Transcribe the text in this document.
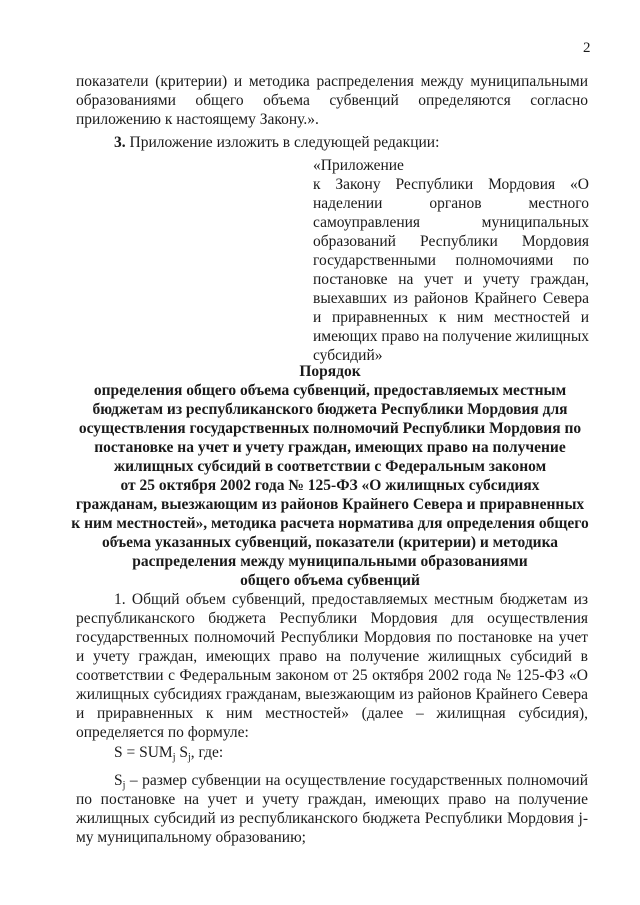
2
показатели (критерии) и методика распределения между муниципальными образованиями общего объема субвенций определяются согласно приложению к настоящему Закону.».
3. Приложение изложить в следующей редакции:
«Приложение
к Закону Республики Мордовия «О наделении органов местного самоуправления муниципальных образований Республики Мордовия государственными полномочиями по постановке на учет и учету граждан, выехавших из районов Крайнего Севера и приравненных к ним местностей и имеющих право на получение жилищных субсидий»
Порядок
определения общего объема субвенций, предоставляемых местным
бюджетам из республиканского бюджета Республики Мордовия для
осуществления государственных полномочий Республики Мордовия по
постановке на учет и учету граждан, имеющих право на получение
жилищных субсидий в соответствии с Федеральным законом
от 25 октября 2002 года № 125-ФЗ «О жилищных субсидиях
гражданам, выезжающим из районов Крайнего Севера и приравненных
к ним местностей», методика расчета норматива для определения общего
объема указанных субвенций, показатели (критерии) и методика
распределения между муниципальными образованиями
общего объема субвенций
1. Общий объем субвенций, предоставляемых местным бюджетам из республиканского бюджета Республики Мордовия для осуществления государственных полномочий Республики Мордовия по постановке на учет и учету граждан, имеющих право на получение жилищных субсидий в соответствии с Федеральным законом от 25 октября 2002 года № 125-ФЗ «О жилищных субсидиях гражданам, выезжающим из районов Крайнего Севера и приравненных к ним местностей» (далее – жилищная субсидия), определяется по формуле:
$S = SUM_j$ $S_j$, где:
$S_j$ – размер субвенции на осуществление государственных полномочий по постановке на учет и учету граждан, имеющих право на получение жилищных субсидий из республиканского бюджета Республики Мордовия j-му муниципальному образованию;
